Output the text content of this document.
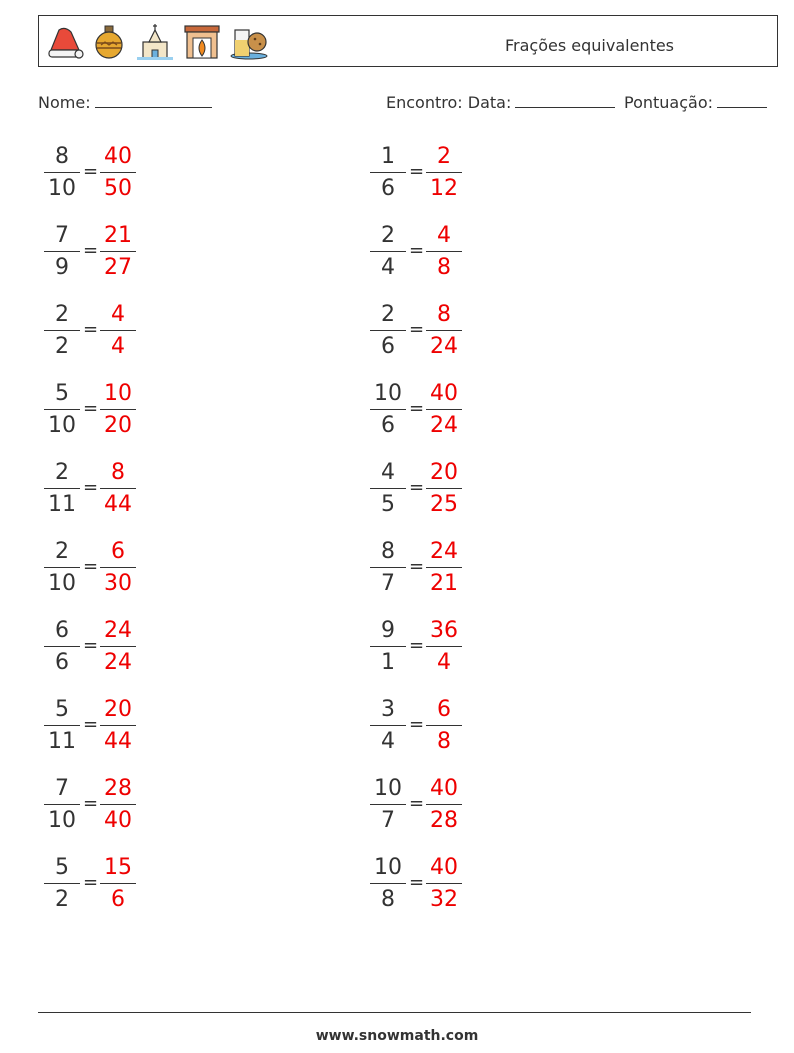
Frações equivalentes
Nome:	Encontro: Data:	Pontuação:
8
10
=
40
50
1
6
=
2
12
7
9
=
21
27
2
4
=
4
8
2
2
=
4
4
2
6
=
8
24
5
10
=
10
20
10
6
=
40
24
2
11
=
8
44
4
5
=
20
25
2
10
=
6
30
8
7
=
24
21
6
6
=
24
24
9
1
=
36
4
5
11
=
20
44
3
4
=
6
8
7
10
=
28
40
10
7
=
40
28
5
2
=
15
6
10
8
=
40
32
www.snowmath.com
